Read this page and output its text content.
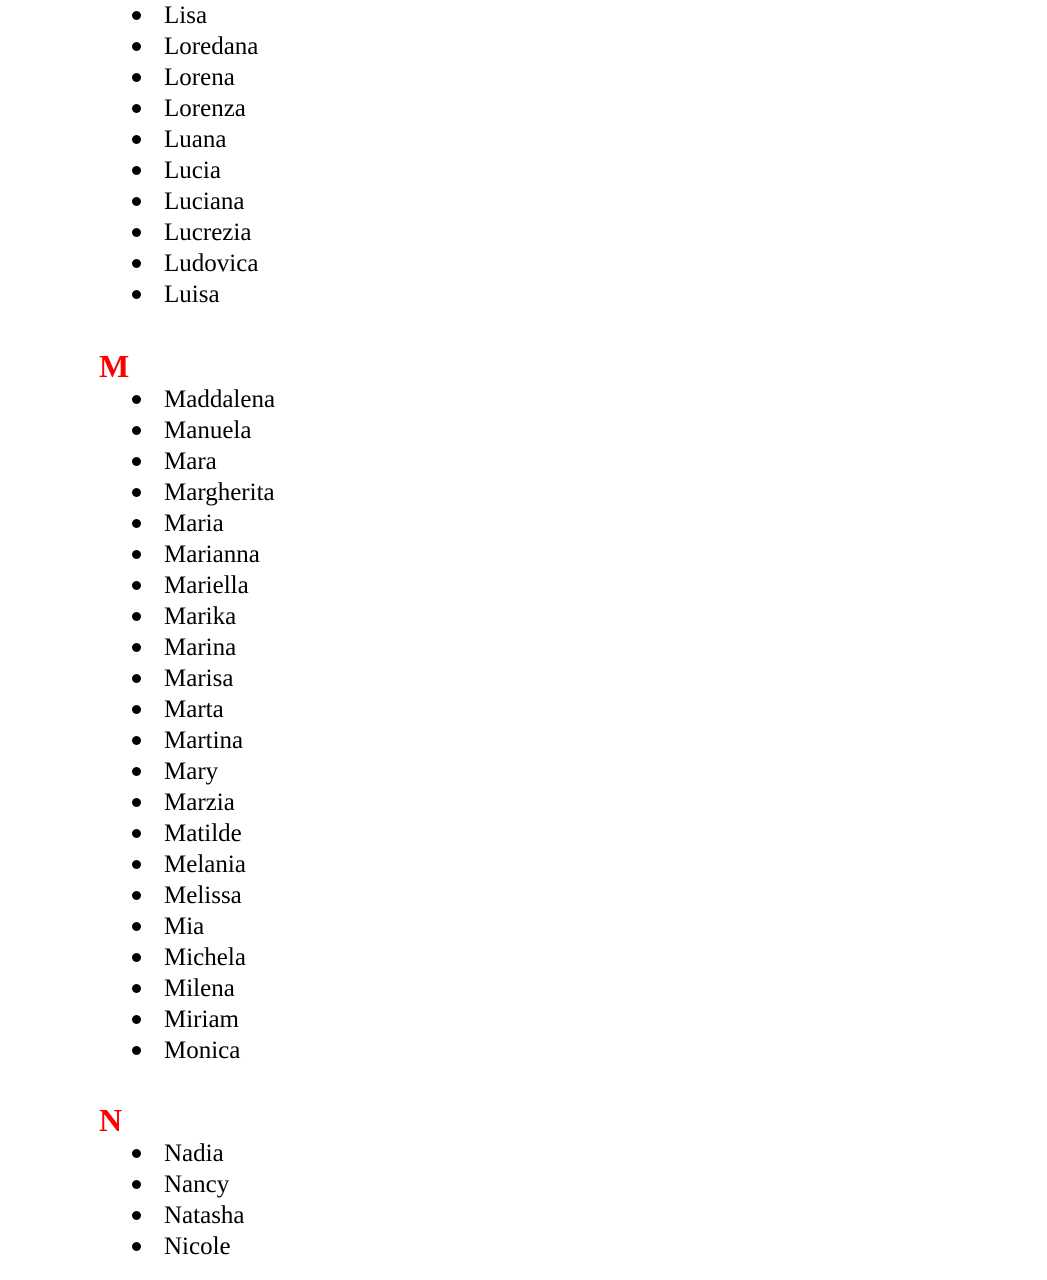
Lisa
Loredana
Lorena
Lorenza
Luana
Lucia
Luciana
Lucrezia
Ludovica
Luisa
M
Maddalena
Manuela
Mara
Margherita
Maria
Marianna
Mariella
Marika
Marina
Marisa
Marta
Martina
Mary
Marzia
Matilde
Melania
Melissa
Mia
Michela
Milena
Miriam
Monica
N
Nadia
Nancy
Natasha
Nicole
